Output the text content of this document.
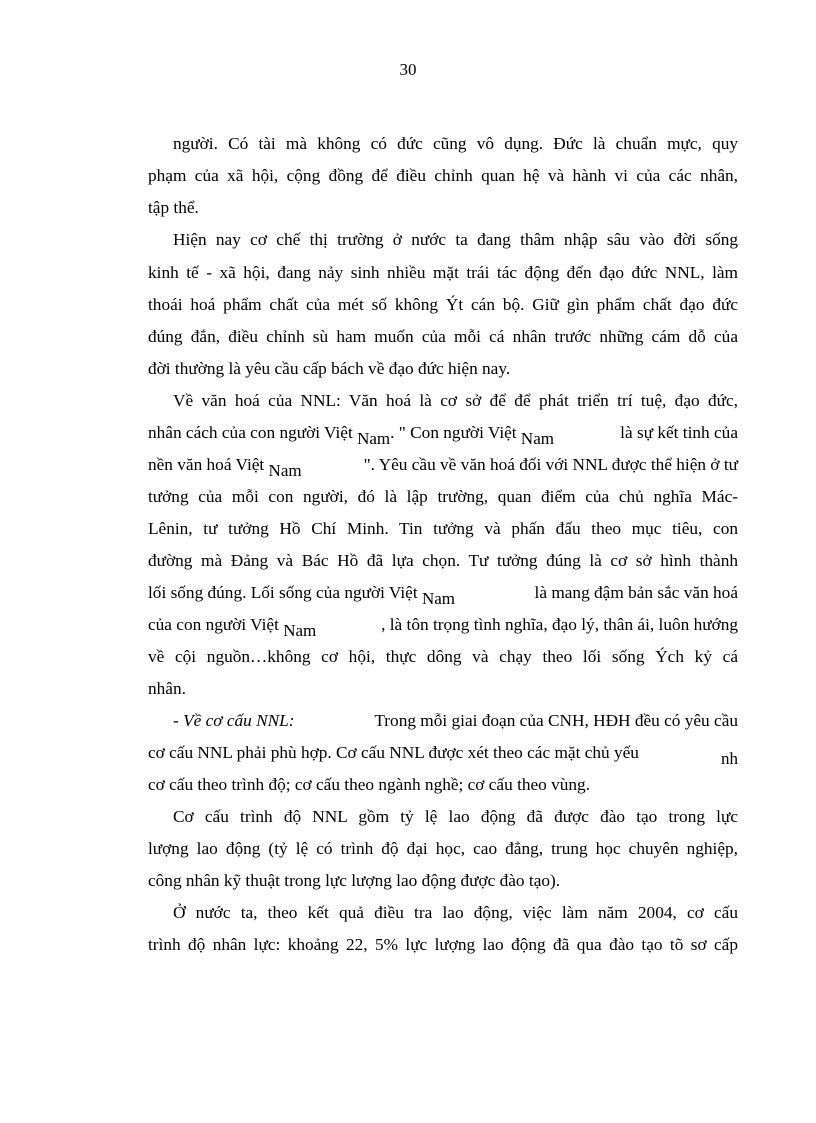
30
người. Có tài mà không có đức cũng vô dụng. Đức là chuẩn mực, quy
phạm của xã hội, cộng đồng để điều chỉnh quan hệ và hành vi của các nhân,
tập thể.
Hiện nay cơ chế thị trường ở nước ta đang thâm nhập sâu vào đời sống
kinh tế - xã hội, đang nảy sinh nhiều mặt trái tác động đến đạo đức NNL, làm
thoái hoá phẩm chất của mét số không Ýt cán bộ. Giữ gìn phẩm chất đạo đức
đúng đắn, điều chỉnh sù ham muốn của mỗi cá nhân trước những cám dỗ của
đời thường là yêu cầu cấp bách về đạo đức hiện nay.
Về văn hoá của NNL: Văn hoá là cơ sở để để phát triển trí tuệ, đạo đức,
nhân cách của con người Việt Nam. " Con người Việt Nam	là sự kết tinh của
nền văn hoá Việt Nam	". Yêu cầu về văn hoá đối với NNL được thể hiện ở tư
tưởng của mỗi con người, đó là lập trường, quan điểm của chủ nghĩa Mác-
Lênin, tư tưởng Hồ Chí Minh. Tin tưởng và phấn đấu theo mục tiêu, con
đường mà Đảng và Bác Hồ đã lựa chọn. Tư tưởng đúng là cơ sở hình thành
lối sống đúng. Lối sống của người Việt Nam	là mang đậm bản sắc văn hoá
của con người Việt Nam	, là tôn trọng tình nghĩa, đạo lý, thân ái, luôn hướng
về cội nguồn…không cơ hội, thực dông và chạy theo lối sống Ých kỷ cá
nhân.
- Về cơ cấu NNL:	Trong mỗi giai đoạn của CNH, HĐH đều có yêu cầu
cơ cấu NNL phải phù hợp. Cơ cấu NNL được xét theo các mặt chủ yếu	nh
cơ cấu theo trình độ; cơ cấu theo ngành nghề; cơ cấu theo vùng.
Cơ cấu trình độ NNL gồm tỷ lệ lao động đã được đào tạo trong lực
lượng lao động (tỷ lệ có trình độ đại học, cao đẳng, trung học chuyên nghiệp,
công nhân kỹ thuật trong lực lượng lao động được đào tạo).
Ở nước ta, theo kết quả điều tra lao động, việc làm năm 2004, cơ cấu
trình độ nhân lực: khoảng 22, 5% lực lượng lao động đã qua đào tạo tõ sơ cấp
